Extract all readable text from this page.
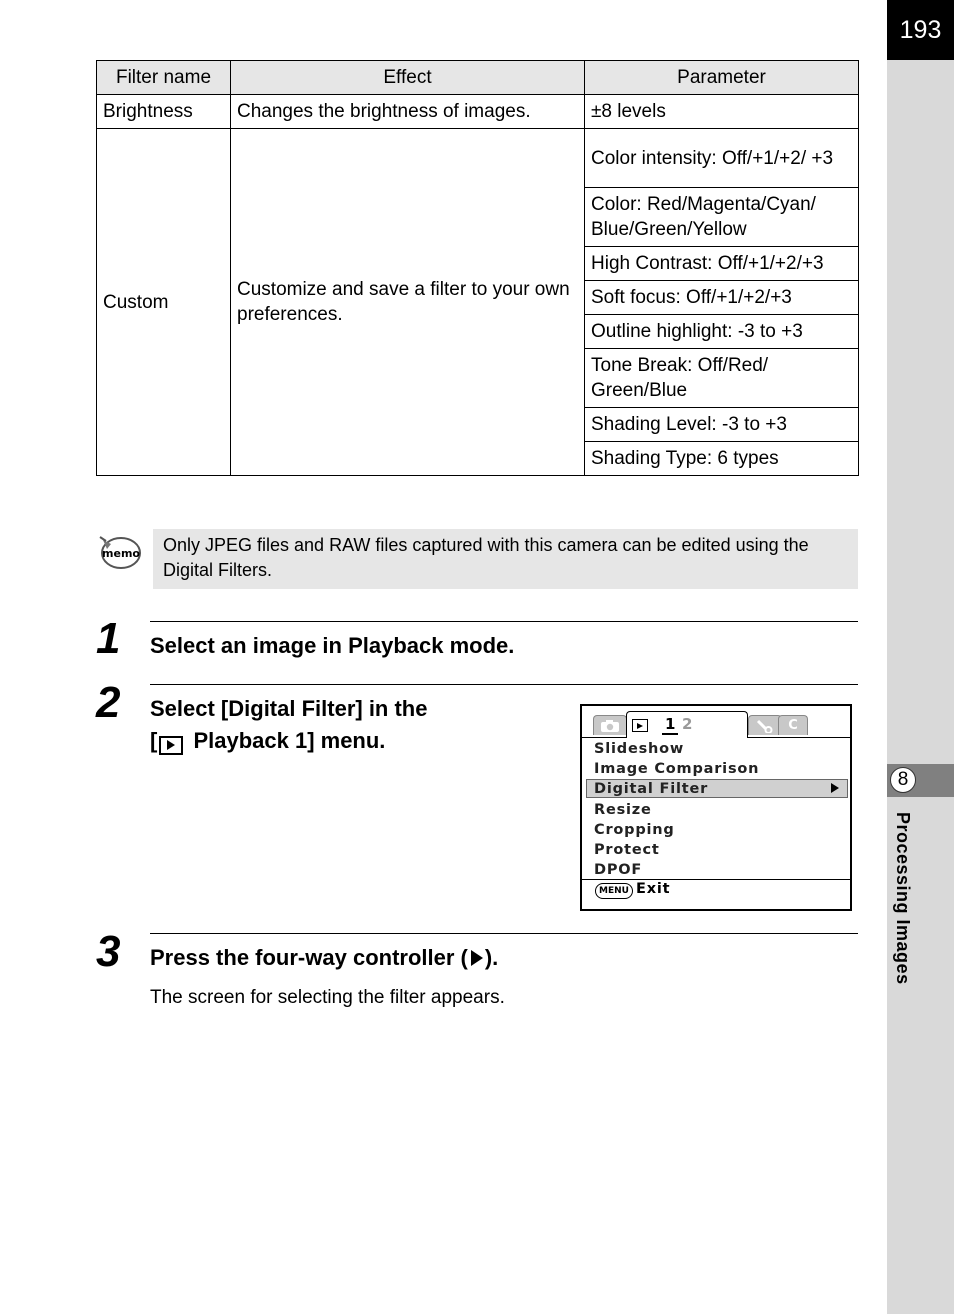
193
8
Processing Images
Filter name	Effect	Parameter
Brightness	Changes the brightness of images.	±8 levels
Custom	Customize and save a filter to your own preferences.	Color intensity: Off/+1/+2/ +3
		Color: Red/Magenta/Cyan/ Blue/Green/Yellow
		High Contrast: Off/+1/+2/+3
		Soft focus: Off/+1/+2/+3
		Outline highlight: -3 to +3
		Tone Break: Off/Red/ Green/Blue
		Shading Level: -3 to +3
		Shading Type: 6 types
memo	Only JPEG files and RAW files captured with this camera can be edited using the Digital Filters.
1 Select an image in Playback mode.
2 Select [Digital Filter] in the
[
Playback 1] menu.
1 2	C
Slideshow
Image Comparison
Digital Filter
Resize
Cropping
Protect
DPOF
MENU Exit
3 Press the four-way controller ( ).
The screen for selecting the filter appears.
